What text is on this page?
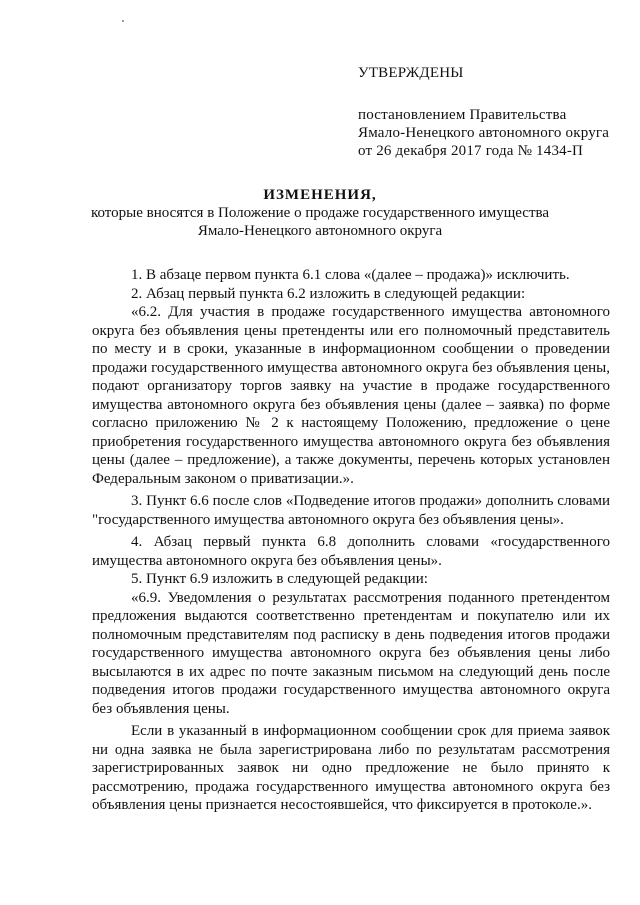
УТВЕРЖДЕНЫ
постановлением Правительства
Ямало-Ненецкого автономного округа
от 26 декабря 2017 года № 1434-П
ИЗМЕНЕНИЯ,
которые вносятся в Положение о продаже государственного имущества
Ямало-Ненецкого автономного округа

1. В абзаце первом пункта 6.1 слова «(далее – продажа)» исключить.

2. Абзац первый пункта 6.2 изложить в следующей редакции:

«6.2. Для участия в продаже государственного имущества автономного округа без объявления цены претенденты или его полномочный представитель по месту и в сроки, указанные в информационном сообщении о проведении продажи государственного имущества автономного округа без объявления цены, подают организатору торгов заявку на участие в продаже государственного имущества автономного округа без объявления цены (далее – заявка) по форме согласно приложению № 2 к настоящему Положению, предложение о цене приобретения государственного имущества автономного округа без объявления цены (далее – предложение), а также документы, перечень которых установлен Федеральным законом о приватизации.».

3. Пункт 6.6 после слов «Подведение итогов продажи» дополнить словами "государственного имущества автономного округа без объявления цены».

4. Абзац первый пункта 6.8 дополнить словами «государственного имущества автономного округа без объявления цены».

5. Пункт 6.9 изложить в следующей редакции:

«6.9. Уведомления о результатах рассмотрения поданного претендентом предложения выдаются соответственно претендентам и покупателю или их полномочным представителям под расписку в день подведения итогов продажи государственного имущества автономного округа без объявления цены либо высылаются в их адрес по почте заказным письмом на следующий день после подведения итогов продажи государственного имущества автономного округа без объявления цены.

Если в указанный в информационном сообщении срок для приема заявок ни одна заявка не была зарегистрирована либо по результатам рассмотрения зарегистрированных заявок ни одно предложение не было принято к рассмотрению, продажа государственного имущества автономного округа без объявления цены признается несостоявшейся, что фиксируется в протоколе.».
